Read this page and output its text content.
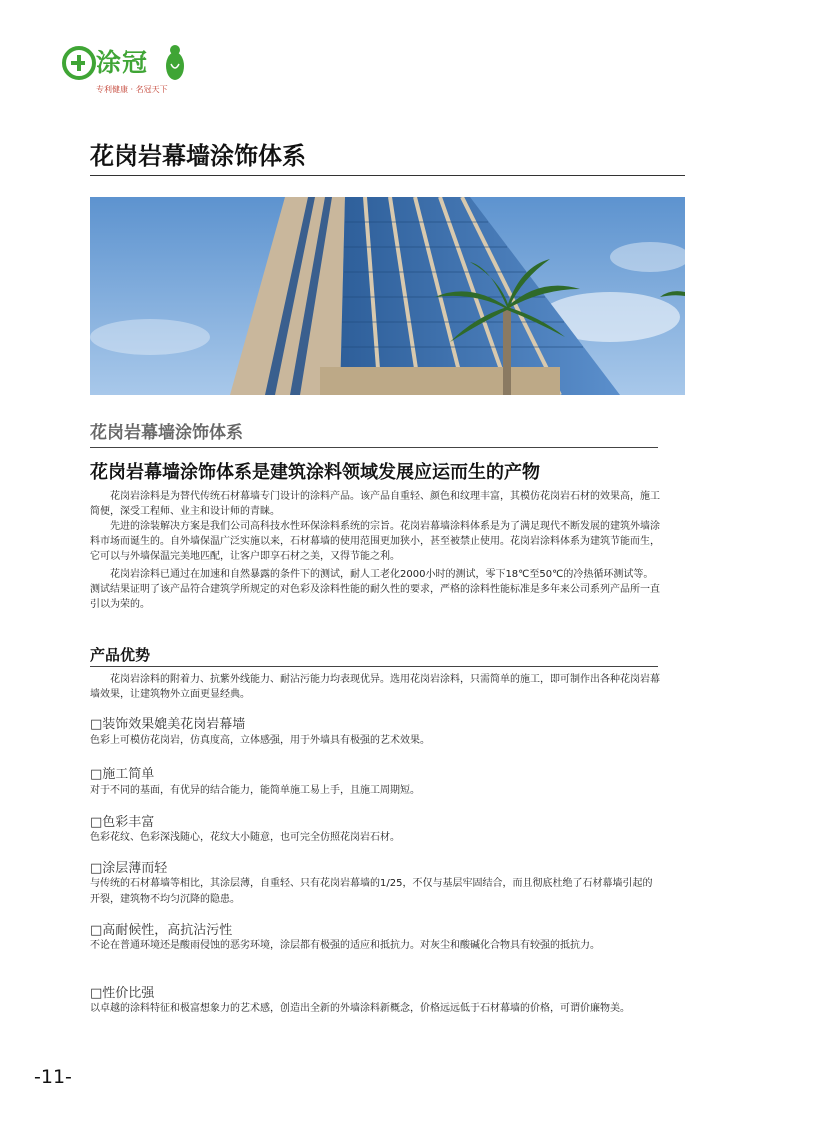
涂冠
专利健康 · 名冠天下
花岗岩幕墙涂饰体系
花岗岩幕墙涂饰体系
花岗岩幕墙涂饰体系是建筑涂料领域发展应运而生的产物

花岗岩涂料是为替代传统石材幕墙专门设计的涂料产品。该产品自重轻、颜色和纹理丰富，其模仿花岗岩石材的效果高，施工简便，深受工程师、业主和设计师的青睐。

先进的涂装解决方案是我们公司高科技水性环保涂料系统的宗旨。花岗岩幕墙涂料体系是为了满足现代不断发展的建筑外墙涂料市场而诞生的。自外墙保温广泛实施以来，石材幕墙的使用范围更加狭小，甚至被禁止使用。花岗岩涂料体系为建筑节能而生，它可以与外墙保温完美地匹配，让客户即享石材之美，又得节能之利。

花岗岩涂料已通过在加速和自然暴露的条件下的测试，耐人工老化2000小时的测试，零下18℃至50℃的冷热循环测试等。测试结果证明了该产品符合建筑学所规定的对色彩及涂料性能的耐久性的要求，严格的涂料性能标准是多年来公司系列产品所一直引以为荣的。

产品优势

花岗岩涂料的附着力、抗紫外线能力、耐沾污能力均表现优异。选用花岗岩涂料，只需简单的施工，即可制作出各种花岗岩幕墙效果，让建筑物外立面更显经典。

□装饰效果媲美花岗岩幕墙

色彩上可模仿花岗岩，仿真度高，立体感强，用于外墙具有极强的艺术效果。

□施工简单

对于不同的基面，有优异的结合能力，能简单施工易上手，且施工周期短。

□色彩丰富

色彩花纹、色彩深浅随心，花纹大小随意，也可完全仿照花岗岩石材。

□涂层薄而轻

与传统的石材幕墙等相比，其涂层薄，自重轻、只有花岗岩幕墙的1/25，不仅与基层牢固结合，而且彻底杜绝了石材幕墙引起的开裂，建筑物不均匀沉降的隐患。

□高耐候性，高抗沾污性

不论在普通环境还是酸雨侵蚀的恶劣环境，涂层都有极强的适应和抵抗力。对灰尘和酸碱化合物具有较强的抵抗力。

□性价比强

以卓越的涂料特征和极富想象力的艺术感，创造出全新的外墙涂料新概念，价格远远低于石材幕墙的价格，可谓价廉物美。

-11-
